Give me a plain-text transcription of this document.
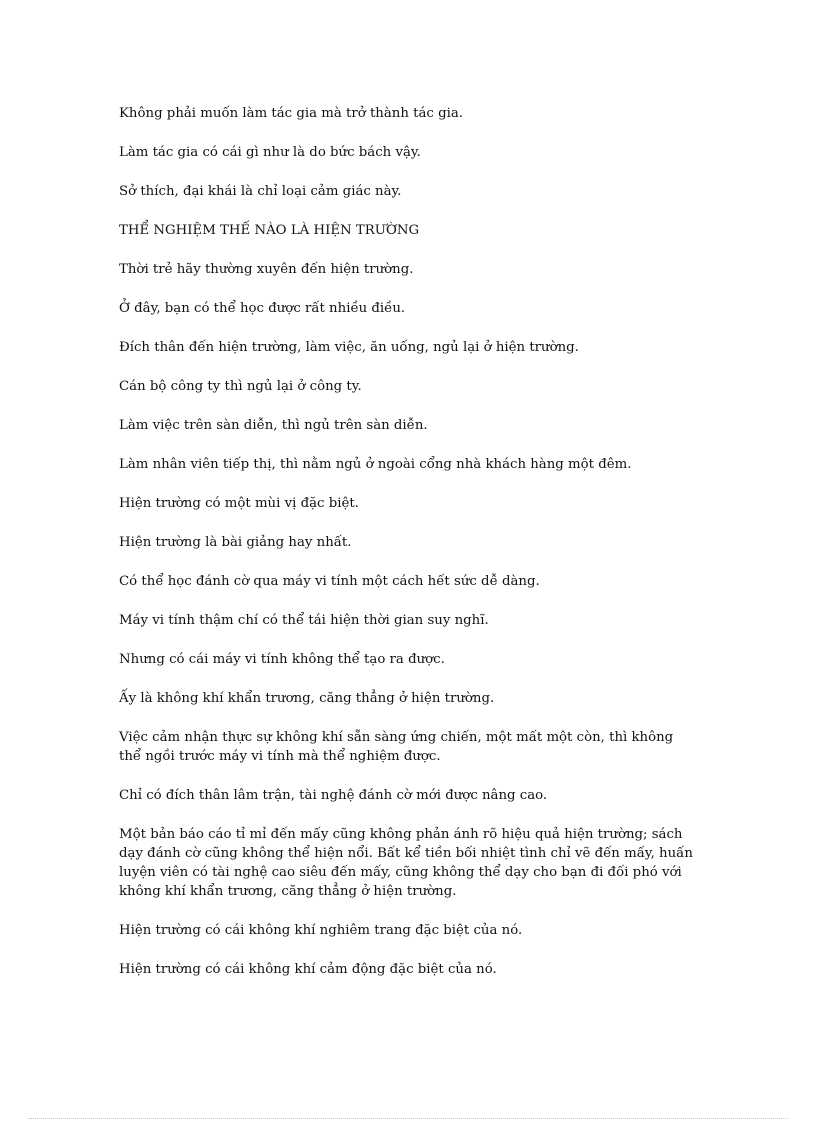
Không phải muốn làm tác gia mà trở thành tác gia.

Làm tác gia có cái gì như là do bức bách vậy.

Sở thích, đại khái là chỉ loại cảm giác này.

THỂ NGHIỆM THẾ NÀO LÀ HIỆN TRƯỜNG

Thời trẻ hãy thường xuyên đến hiện trường.

Ở đây, bạn có thể học được rất nhiều điều.

Đích thân đến hiện trường, làm việc, ăn uống, ngủ lại ở hiện trường.

Cán bộ công ty thì ngủ lại ở công ty.

Làm việc trên sàn diễn, thì ngủ trên sàn diễn.

Làm nhân viên tiếp thị, thì nằm ngủ ở ngoài cổng nhà khách hàng một đêm.

Hiện trường có một mùi vị đặc biệt.

Hiện trường là bài giảng hay nhất.

Có thể học đánh cờ qua máy vi tính một cách hết sức dễ dàng.

Máy vi tính thậm chí có thể tái hiện thời gian suy nghĩ.

Nhưng có cái máy vi tính không thể tạo ra được.

Ấy là không khí khẩn trương, căng thẳng ở hiện trường.

Việc cảm nhận thực sự không khí sẵn sàng ứng chiến, một mất một còn, thì không thể ngồi trước máy vi tính mà thể nghiệm được.

Chỉ có đích thân lâm trận, tài nghệ đánh cờ mới được nâng cao.

Một bản báo cáo tỉ mỉ đến mấy cũng không phản ánh rõ hiệu quả hiện trường; sách dạy đánh cờ cũng không thể hiện nổi. Bất kể tiền bối nhiệt tình chỉ vẽ đến mấy, huấn luyện viên có tài nghệ cao siêu đến mấy, cũng không thể dạy cho bạn đi đối phó với không khí khẩn trương, căng thẳng ở hiện trường.

Hiện trường có cái không khí nghiêm trang đặc biệt của nó.

Hiện trường có cái không khí cảm động đặc biệt của nó.
